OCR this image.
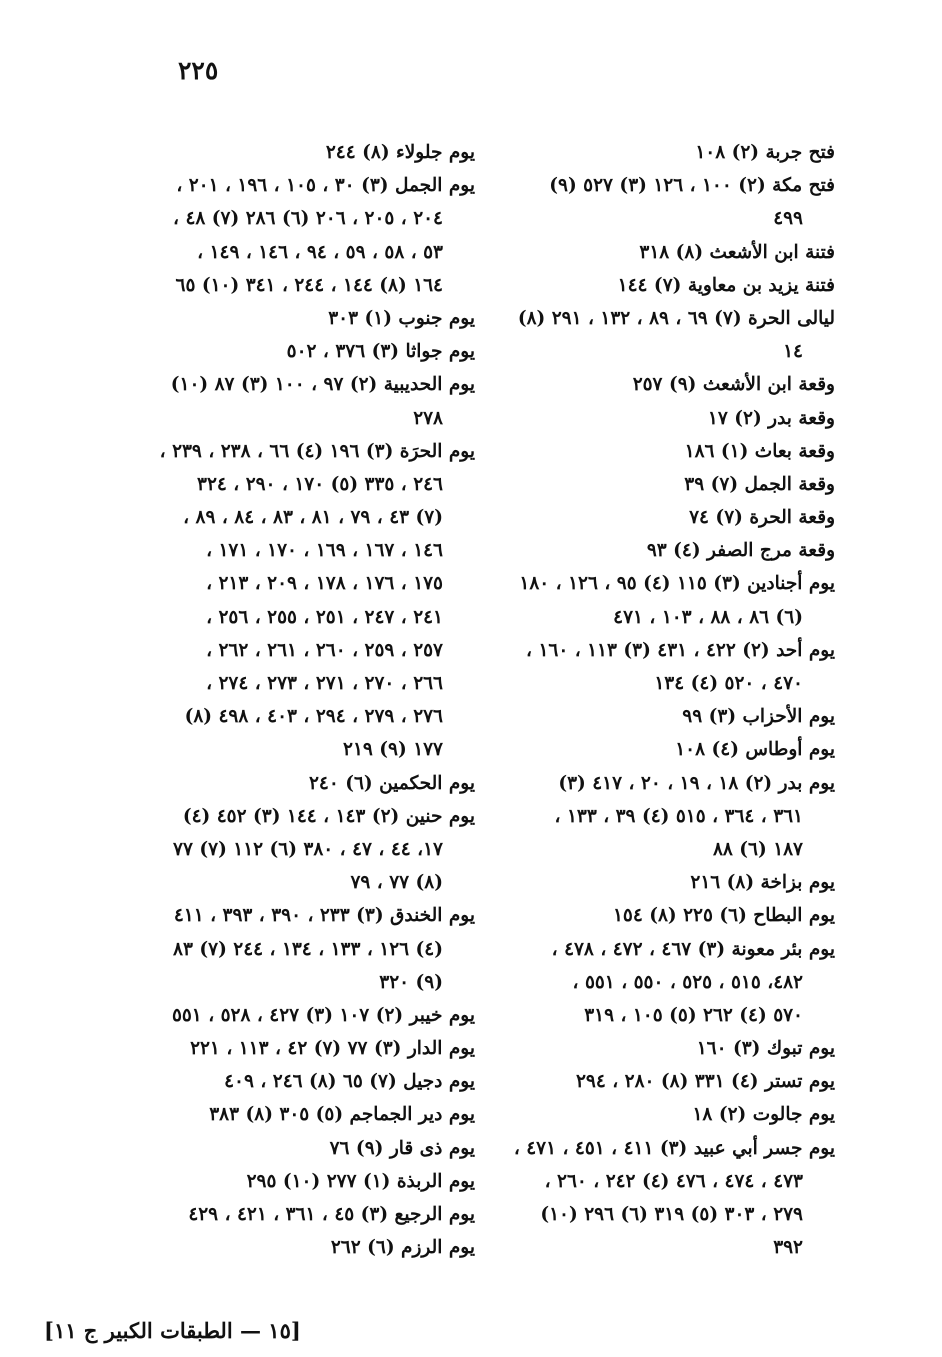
٢٢٥
فتح جربة (٢) ١٠٨
فتح مكة (٢) ١٠٠ ، ١٢٦ (٣) ٥٢٧ (٩)
٤٩٩
فتنة ابن الأشعث (٨) ٣١٨
فتنة يزيد بن معاوية (٧) ١٤٤
ليالى الحرة (٧) ٦٩ ، ٨٩ ، ١٣٢ ، ٢٩١ (٨)
١٤
وقعة ابن الأشعث (٩) ٢٥٧
وقعة بدر (٢) ١٧
وقعة بعاث (١) ١٨٦
وقعة الجمل (٧) ٣٩
وقعة الحرة (٧) ٧٤
وقعة مرج الصفر (٤) ٩٣
يوم أجنادين (٣) ١١٥ (٤) ٩٥ ، ١٢٦ ، ١٨٠
(٦) ٨٦ ، ٨٨ ، ١٠٣ ، ٤٧١
يوم أحد (٢) ٤٢٢ ، ٤٣١ (٣) ١١٣ ، ١٦٠ ،
٤٧٠ ، ٥٢٠ (٤) ١٣٤
يوم الأحزاب (٣) ٩٩
يوم أوطاس (٤) ١٠٨
يوم بدر (٢) ١٨ ، ١٩ ، ٢٠ ، ٤١٧ (٣)
٣٦١ ، ٣٦٤ ، ٥١٥ (٤) ٣٩ ، ١٣٣ ،
١٨٧ (٦) ٨٨
يوم بزاخة (٨) ٢١٦
يوم البطاح (٦) ٢٢٥ (٨) ١٥٤
يوم بئر معونة (٣) ٤٦٧ ، ٤٧٢ ، ٤٧٨ ،
٤٨٢، ٥١٥ ، ٥٢٥ ، ٥٥٠ ، ٥٥١ ،
٥٧٠ (٤) ٢٦٢ (٥) ١٠٥ ، ٣١٩
يوم تبوك (٣) ١٦٠
يوم تستر (٤) ٣٣١ (٨) ٢٨٠ ، ٢٩٤
يوم جالوت (٢) ١٨
يوم جسر أبي عبيد (٣) ٤١١ ، ٤٥١ ، ٤٧١ ،
٤٧٣ ، ٤٧٤ ، ٤٧٦ (٤) ٢٤٢ ، ٢٦٠ ،
٢٧٩ ، ٣٠٣ (٥) ٣١٩ (٦) ٢٩٦ (١٠)
٣٩٢
يوم جلولاء (٨) ٢٤٤
يوم الجمل (٣) ٣٠ ، ١٠٥ ، ١٩٦ ، ٢٠١ ،
٢٠٤ ، ٢٠٥ ، ٢٠٦ (٦) ٢٨٦ (٧) ٤٨ ،
٥٣ ، ٥٨ ، ٥٩ ، ٩٤ ، ١٤٦ ، ١٤٩ ،
١٦٤ (٨) ١٤٤ ، ٢٤٤ ، ٣٤١ (١٠) ٦٥
يوم جنوب (١) ٣٠٣
يوم جواثا (٣) ٣٧٦ ، ٥٠٢
يوم الحديبية (٢) ٩٧ ، ١٠٠ (٣) ٨٧ (١٠)
٢٧٨
يوم الحرَة (٣) ١٩٦ (٤) ٦٦ ، ٢٣٨ ، ٢٣٩ ،
٢٤٦ ، ٣٣٥ (٥) ١٧٠ ، ٢٩٠ ، ٣٢٤
(٧) ٤٣ ، ٧٩ ، ٨١ ، ٨٣ ، ٨٤ ، ٨٩ ،
١٤٦ ، ١٦٧ ، ١٦٩ ، ١٧٠ ، ١٧١ ،
١٧٥ ، ١٧٦ ، ١٧٨ ، ٢٠٩ ، ٢١٣ ،
٢٤١ ، ٢٤٧ ، ٢٥١ ، ٢٥٥ ، ٢٥٦ ،
٢٥٧ ، ٢٥٩ ، ٢٦٠ ، ٢٦١ ، ٢٦٢ ،
٢٦٦ ، ٢٧٠ ، ٢٧١ ، ٢٧٣ ، ٢٧٤ ،
٢٧٦ ، ٢٧٩ ، ٢٩٤ ، ٤٠٣ ، ٤٩٨ (٨)
١٧٧ (٩) ٢١٩
يوم الحكمين (٦) ٢٤٠
يوم حنين (٢) ١٤٣ ، ١٤٤ (٣) ٤٥٢ (٤)
١٧، ٤٤ ، ٤٧ ، ٣٨٠ (٦) ١١٢ (٧) ٧٧
(٨) ٧٧ ، ٧٩
يوم الخندق (٣) ٢٣٣ ، ٣٩٠ ، ٣٩٣ ، ٤١١
(٤) ١٢٦ ، ١٣٣ ، ١٣٤ ، ٢٤٤ (٧) ٨٣
(٩) ٣٢٠
يوم خيبر (٢) ١٠٧ (٣) ٤٢٧ ، ٥٢٨ ، ٥٥١
يوم الدار (٣) ٧٧ (٧) ٤٢ ، ١١٣ ، ٢٢١
يوم دجيل (٧) ٦٥ (٨) ٢٤٦ ، ٤٠٩
يوم دير الجماجم (٥) ٣٠٥ (٨) ٣٨٣
يوم ذى قار (٩) ٧٦
يوم الربذة (١) ٢٧٧ (١٠) ٢٩٥
يوم الرجيع (٣) ٤٥ ، ٣٦١ ، ٤٢١ ، ٤٢٩
يوم الرزم (٦) ٢٦٢
[١٥ — الطبقات الكبير ج ١١]
